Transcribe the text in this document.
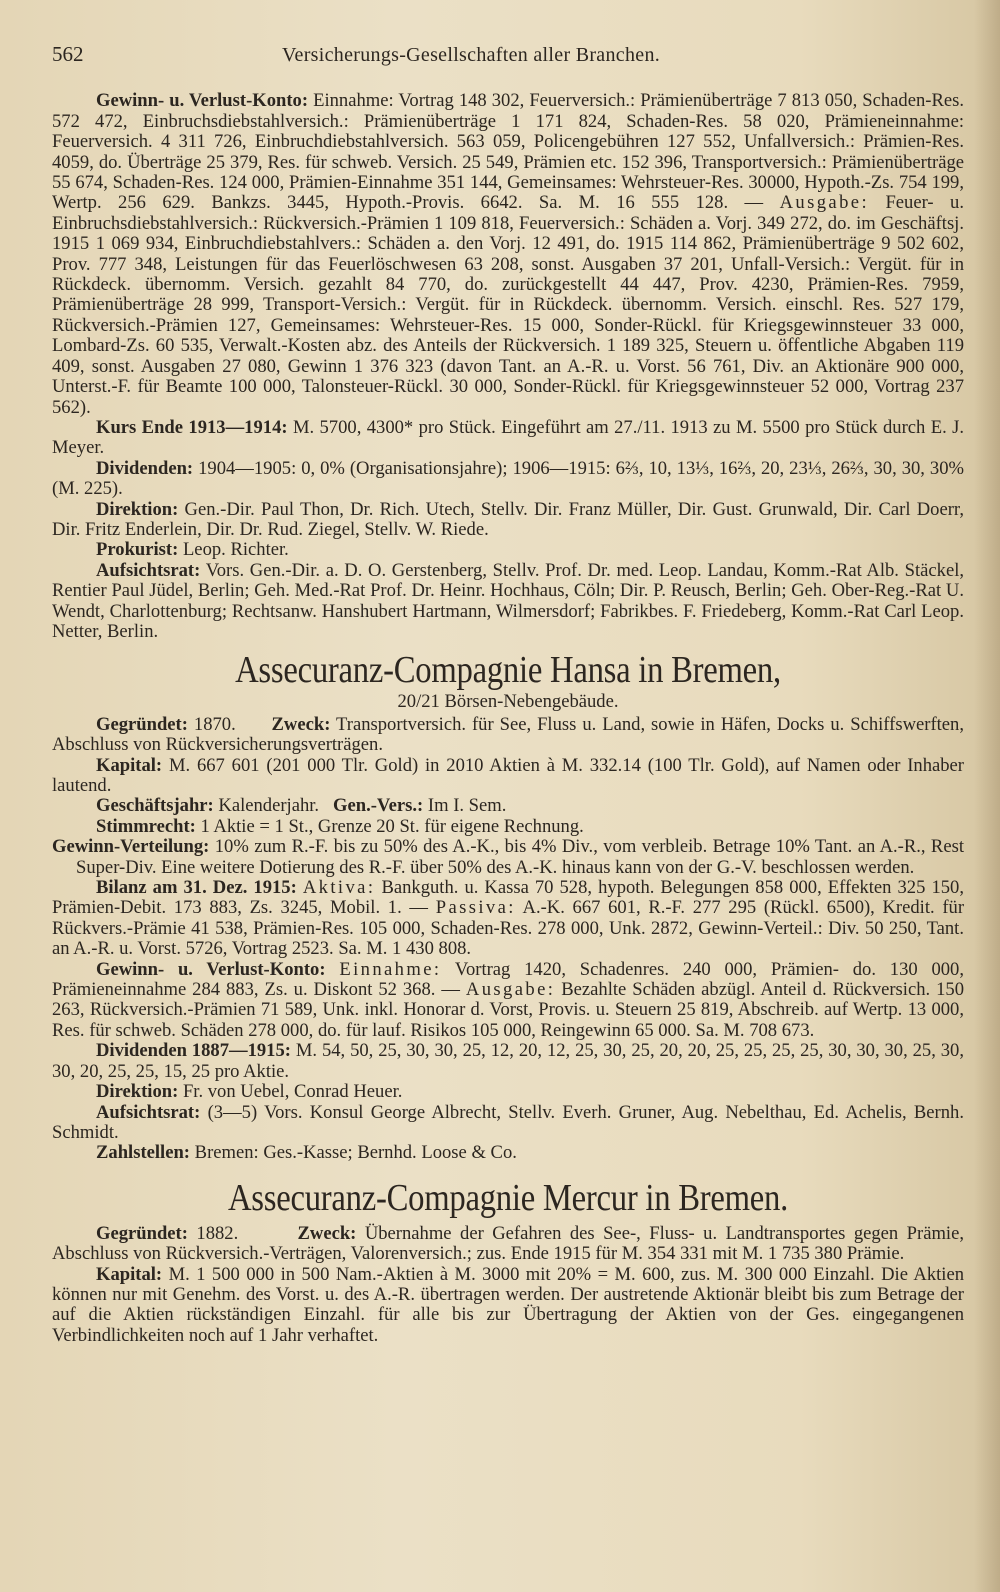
562	Versicherungs-Gesellschaften aller Branchen.

Gewinn- u. Verlust-Konto: Einnahme: Vortrag 148 302, Feuerversich.: Prämienüberträge 7 813 050, Schaden-Res. 572 472, Einbruchsdiebstahlversich.: Prämienüberträge 1 171 824, Schaden-Res. 58 020, Prämieneinnahme: Feuerversich. 4 311 726, Einbruchdiebstahlversich. 563 059, Policengebühren 127 552, Unfallversich.: Prämien-Res. 4059, do. Überträge 25 379, Res. für schweb. Versich. 25 549, Prämien etc. 152 396, Transportversich.: Prämienüberträge 55 674, Schaden-Res. 124 000, Prämien-Einnahme 351 144, Gemeinsames: Wehrsteuer-Res. 30000, Hypoth.-Zs. 754 199, Wertp. 256 629. Bankzs. 3445, Hypoth.-Provis. 6642. Sa. M. 16 555 128. — Ausgabe: Feuer- u. Einbruchsdiebstahlversich.: Rückversich.-Prämien 1 109 818, Feuerversich.: Schäden a. Vorj. 349 272, do. im Geschäftsj. 1915 1 069 934, Einbruchdiebstahlvers.: Schäden a. den Vorj. 12 491, do. 1915 114 862, Prämienüberträge 9 502 602, Prov. 777 348, Leistungen für das Feuerlöschwesen 63 208, sonst. Ausgaben 37 201, Unfall-Versich.: Vergüt. für in Rückdeck. übernomm. Versich. gezahlt 84 770, do. zurückgestellt 44 447, Prov. 4230, Prämien-Res. 7959, Prämienüberträge 28 999, Transport-Versich.: Vergüt. für in Rückdeck. übernomm. Versich. einschl. Res. 527 179, Rückversich.-Prämien 127, Gemeinsames: Wehrsteuer-Res. 15 000, Sonder-Rückl. für Kriegsgewinnsteuer 33 000, Lombard-Zs. 60 535, Verwalt.-Kosten abz. des Anteils der Rückversich. 1 189 325, Steuern u. öffentliche Abgaben 119 409, sonst. Ausgaben 27 080, Gewinn 1 376 323 (davon Tant. an A.-R. u. Vorst. 56 761, Div. an Aktionäre 900 000, Unterst.-F. für Beamte 100 000, Talonsteuer-Rückl. 30 000, Sonder-Rückl. für Kriegsgewinnsteuer 52 000, Vortrag 237 562).

Kurs Ende 1913—1914: M. 5700, 4300* pro Stück. Eingeführt am 27./11. 1913 zu M. 5500 pro Stück durch E. J. Meyer.

Dividenden: 1904—1905: 0, 0% (Organisationsjahre); 1906—1915: 6⅔, 10, 13⅓, 16⅔, 20, 23⅓, 26⅔, 30, 30, 30% (M. 225).

Direktion: Gen.-Dir. Paul Thon, Dr. Rich. Utech, Stellv. Dir. Franz Müller, Dir. Gust. Grunwald, Dir. Carl Doerr, Dir. Fritz Enderlein, Dir. Dr. Rud. Ziegel, Stellv. W. Riede.

Prokurist: Leop. Richter.

Aufsichtsrat: Vors. Gen.-Dir. a. D. O. Gerstenberg, Stellv. Prof. Dr. med. Leop. Landau, Komm.-Rat Alb. Stäckel, Rentier Paul Jüdel, Berlin; Geh. Med.-Rat Prof. Dr. Heinr. Hochhaus, Cöln; Dir. P. Reusch, Berlin; Geh. Ober-Reg.-Rat U. Wendt, Charlottenburg; Rechtsanw. Hanshubert Hartmann, Wilmersdorf; Fabrikbes. F. Friedeberg, Komm.-Rat Carl Leop. Netter, Berlin.

Assecuranz-Compagnie Hansa in Bremen,
20/21 Börsen-Nebengebäude.

Gegründet: 1870. Zweck: Transportversich. für See, Fluss u. Land, sowie in Häfen, Docks u. Schiffswerften, Abschluss von Rückversicherungsverträgen.

Kapital: M. 667 601 (201 000 Tlr. Gold) in 2010 Aktien à M. 332.14 (100 Tlr. Gold), auf Namen oder Inhaber lautend.

Geschäftsjahr: Kalenderjahr. Gen.-Vers.: Im I. Sem.

Stimmrecht: 1 Aktie = 1 St., Grenze 20 St. für eigene Rechnung.

Gewinn-Verteilung: 10% zum R.-F. bis zu 50% des A.-K., bis 4% Div., vom verbleib. Betrage 10% Tant. an A.-R., Rest Super-Div. Eine weitere Dotierung des R.-F. über 50% des A.-K. hinaus kann von der G.-V. beschlossen werden.

Bilanz am 31. Dez. 1915: Aktiva: Bankguth. u. Kassa 70 528, hypoth. Belegungen 858 000, Effekten 325 150, Prämien-Debit. 173 883, Zs. 3245, Mobil. 1. — Passiva: A.-K. 667 601, R.-F. 277 295 (Rückl. 6500), Kredit. für Rückvers.-Prämie 41 538, Prämien-Res. 105 000, Schaden-Res. 278 000, Unk. 2872, Gewinn-Verteil.: Div. 50 250, Tant. an A.-R. u. Vorst. 5726, Vortrag 2523. Sa. M. 1 430 808.

Gewinn- u. Verlust-Konto: Einnahme: Vortrag 1420, Schadenres. 240 000, Prämien- do. 130 000, Prämieneinnahme 284 883, Zs. u. Diskont 52 368. — Ausgabe: Bezahlte Schäden abzügl. Anteil d. Rückversich. 150 263, Rückversich.-Prämien 71 589, Unk. inkl. Honorar d. Vorst, Provis. u. Steuern 25 819, Abschreib. auf Wertp. 13 000, Res. für schweb. Schäden 278 000, do. für lauf. Risikos 105 000, Reingewinn 65 000. Sa. M. 708 673.

Dividenden 1887—1915: M. 54, 50, 25, 30, 30, 25, 12, 20, 12, 25, 30, 25, 20, 20, 25, 25, 25, 25, 30, 30, 30, 25, 30, 30, 20, 25, 25, 15, 25 pro Aktie.

Direktion: Fr. von Uebel, Conrad Heuer.

Aufsichtsrat: (3—5) Vors. Konsul George Albrecht, Stellv. Everh. Gruner, Aug. Nebelthau, Ed. Achelis, Bernh. Schmidt.

Zahlstellen: Bremen: Ges.-Kasse; Bernhd. Loose & Co.

Assecuranz-Compagnie Mercur in Bremen.

Gegründet: 1882.	Zweck: Übernahme der Gefahren des See-, Fluss- u. Landtransportes gegen Prämie, Abschluss von Rückversich.-Verträgen, Valorenversich.; zus. Ende 1915 für M. 354 331 mit M. 1 735 380 Prämie.

Kapital: M. 1 500 000 in 500 Nam.-Aktien à M. 3000 mit 20% = M. 600, zus. M. 300 000 Einzahl. Die Aktien können nur mit Genehm. des Vorst. u. des A.-R. übertragen werden. Der austretende Aktionär bleibt bis zum Betrage der auf die Aktien rückständigen Einzahl. für alle bis zur Übertragung der Aktien von der Ges. eingegangenen Verbindlichkeiten noch auf 1 Jahr verhaftet.
